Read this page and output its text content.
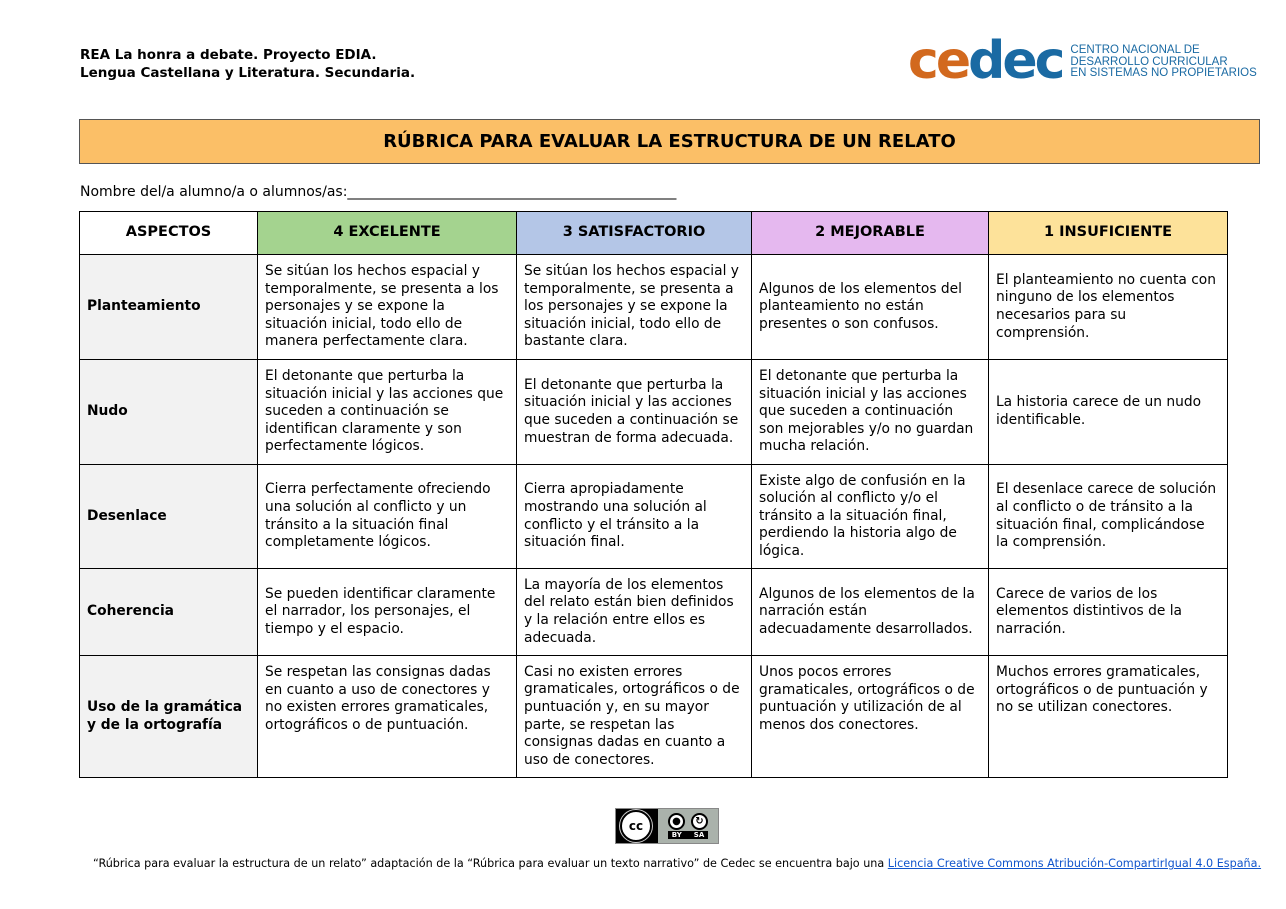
REA La honra a debate. Proyecto EDIA.
Lengua Castellana y Literatura. Secundaria.	cedec CENTRO NACIONAL DE
DESARROLLO CURRICULAR
EN SISTEMAS NO PROPIETARIOS
RÚBRICA PARA EVALUAR LA ESTRUCTURA DE UN RELATO
Nombre del/a alumno/a o alumnos/as:_______________________________________________
ASPECTOS	4 EXCELENTE	3 SATISFACTORIO	2 MEJORABLE	1 INSUFICIENTE
Planteamiento	Se sitúan los hechos espacial y temporalmente, se presenta a los personajes y se expone la situación inicial, todo ello de manera perfectamente clara.	Se sitúan los hechos espacial y temporalmente, se presenta a los personajes y se expone la situación inicial, todo ello de bastante clara.	Algunos de los elementos del planteamiento no están presentes o son confusos.	El planteamiento no cuenta con ninguno de los elementos necesarios para su comprensión.
Nudo	El detonante que perturba la situación inicial y las acciones que suceden a continuación se identifican claramente y son perfectamente lógicos.	El detonante que perturba la situación inicial y las acciones que suceden a continuación se muestran de forma adecuada.	El detonante que perturba la situación inicial y las acciones que suceden a continuación son mejorables y/o no guardan mucha relación.	La historia carece de un nudo identificable.
Desenlace	Cierra perfectamente ofreciendo una solución al conflicto y un tránsito a la situación final completamente lógicos.	Cierra apropiadamente mostrando una solución al conflicto y el tránsito a la situación final.	Existe algo de confusión en la solución al conflicto y/o el tránsito a la situación final, perdiendo la historia algo de lógica.	El desenlace carece de solución al conflicto o de tránsito a la situación final, complicándose la comprensión.
Coherencia	Se pueden identificar claramente el narrador, los personajes, el tiempo y el espacio.	La mayoría de los elementos del relato están bien definidos y la relación entre ellos es adecuada.	Algunos de los elementos de la narración están adecuadamente desarrollados.	Carece de varios de los elementos distintivos de la narración.
Uso de la gramática y de la ortografía	Se respetan las consignas dadas en cuanto a uso de conectores y no existen errores gramaticales, ortográficos o de puntuación.	Casi no existen errores gramaticales, ortográficos o de puntuación y, en su mayor parte, se respetan las consignas dadas en cuanto a uso de conectores.	Unos pocos errores gramaticales, ortográficos o de puntuación y utilización de al menos dos conectores.	Muchos errores gramaticales, ortográficos o de puntuación y no se utilizan conectores.
cc	●	↻
BY SA
“Rúbrica para evaluar la estructura de un relato” adaptación de la “Rúbrica para evaluar un texto narrativo” de Cedec se encuentra bajo una Licencia Creative Commons Atribución-CompartirIgual 4.0 España.
